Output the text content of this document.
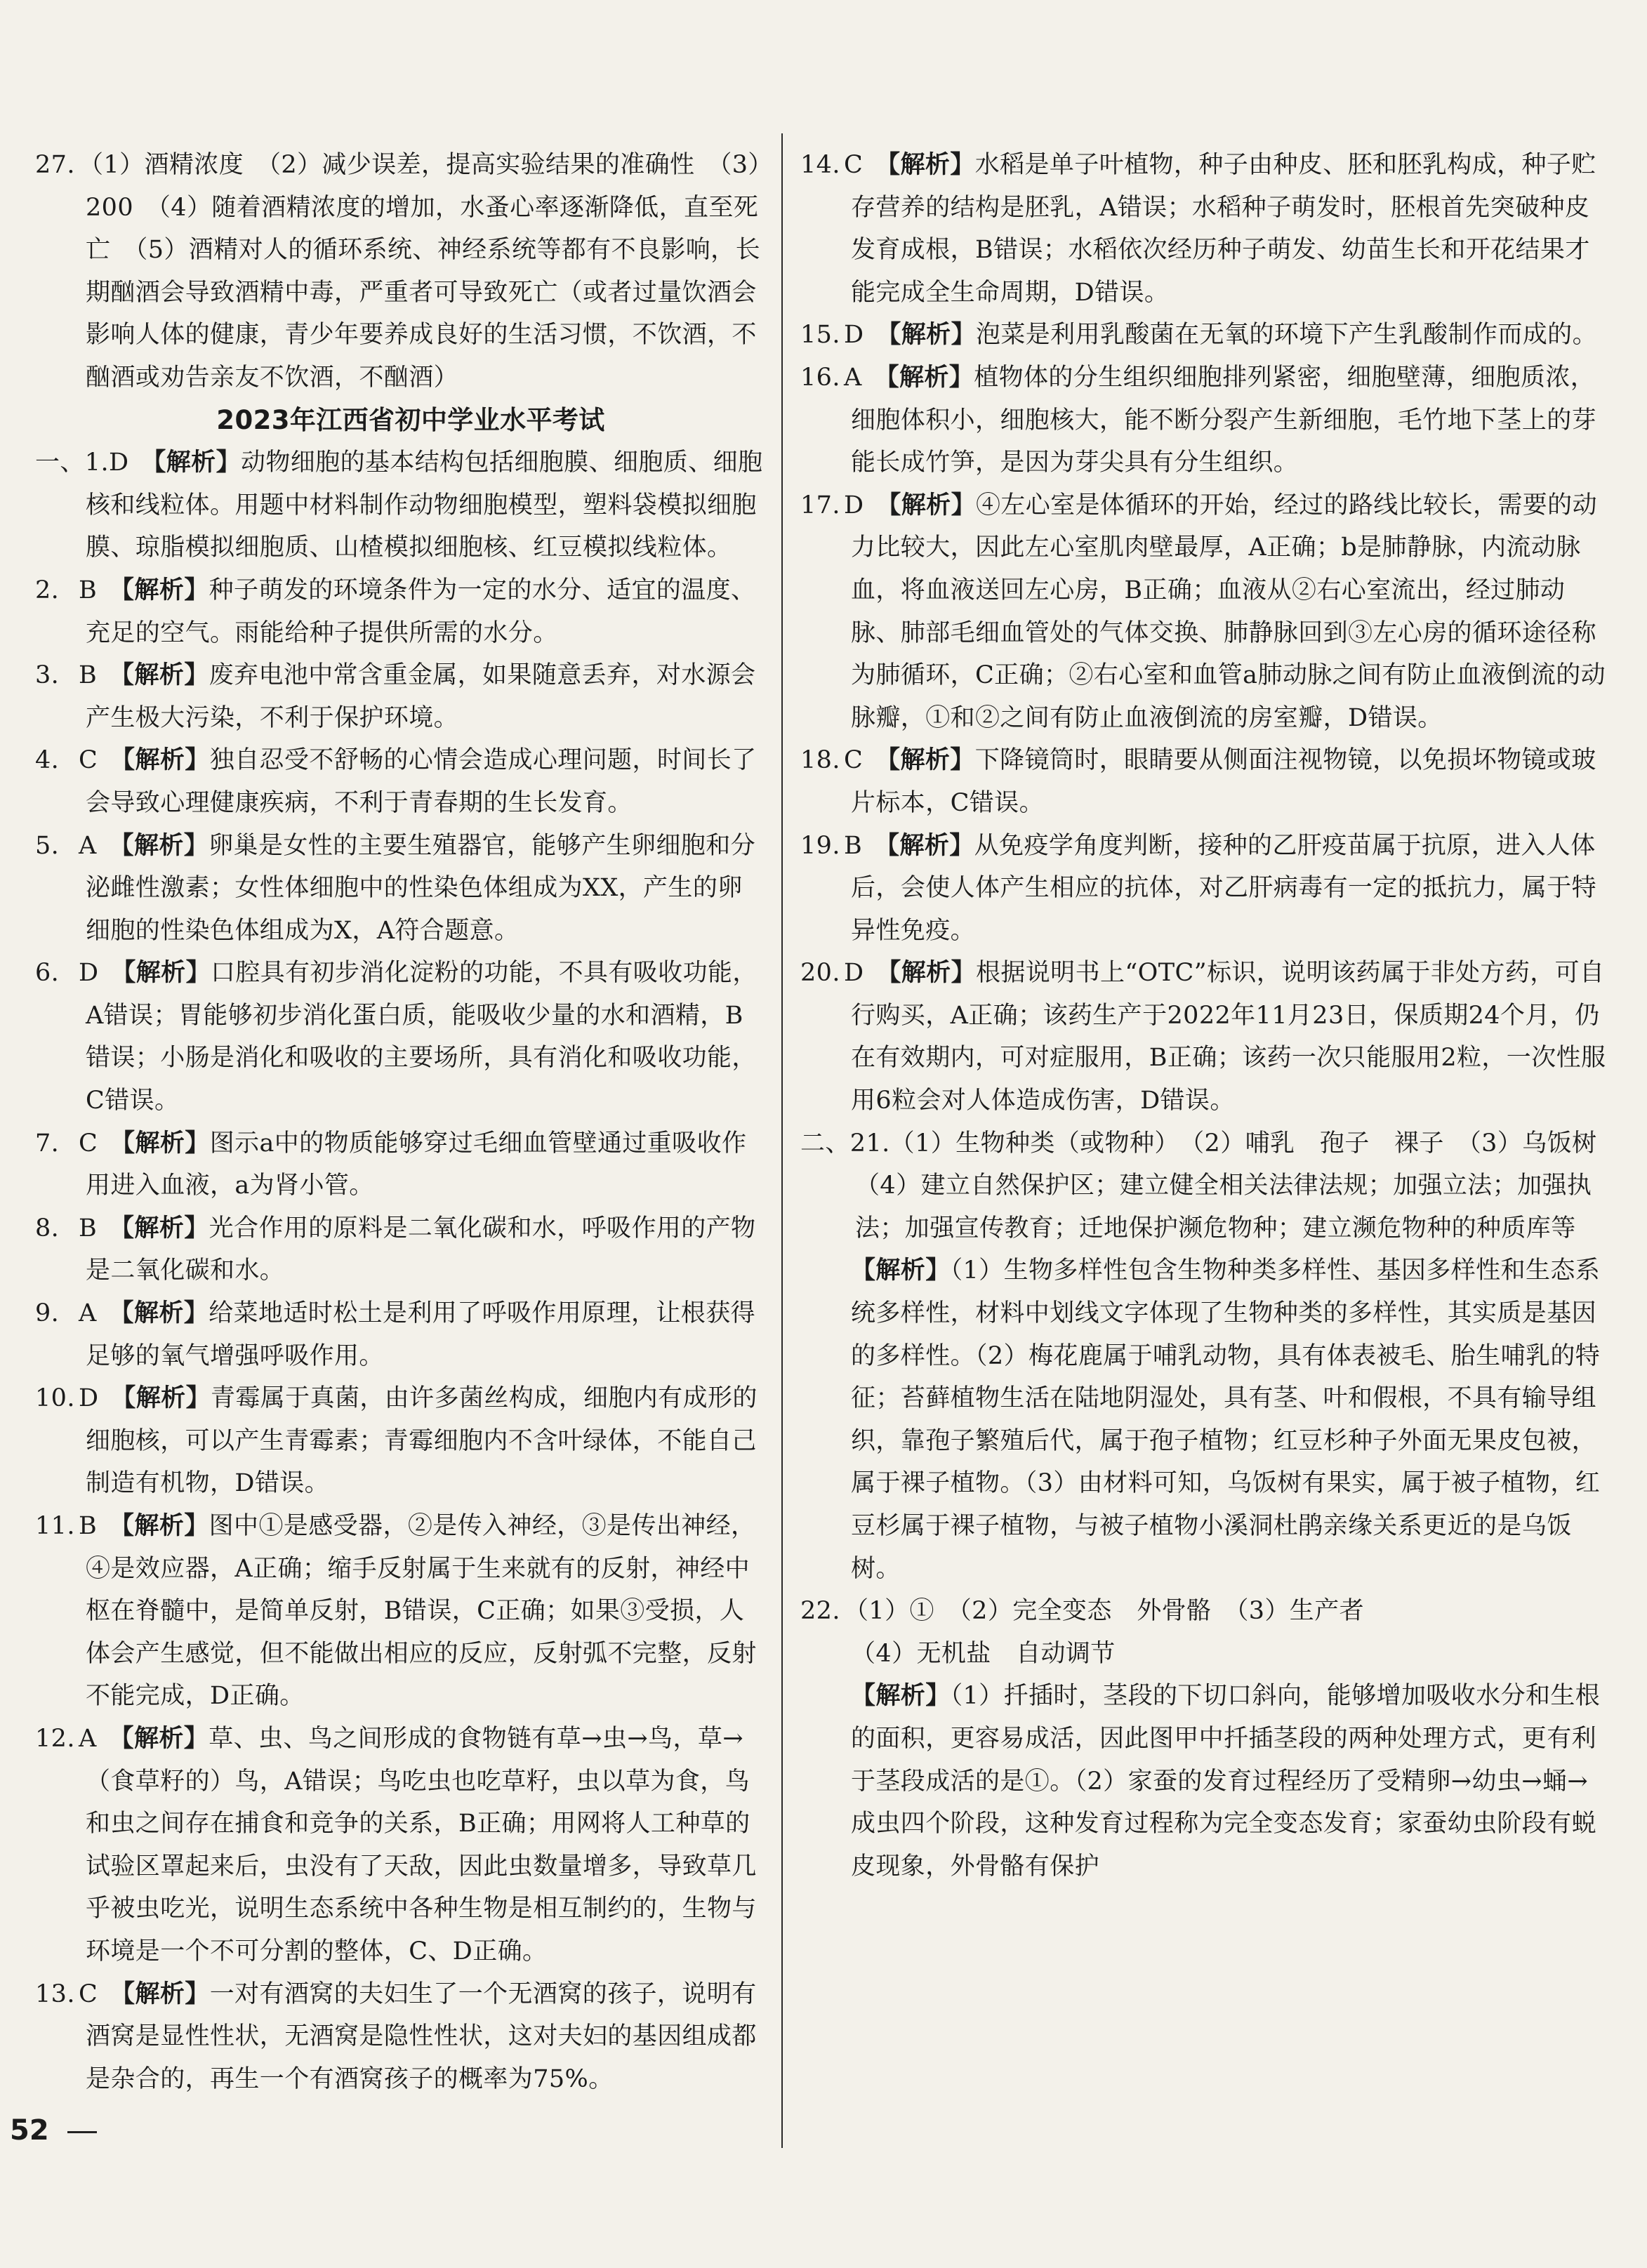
27. （1）酒精浓度　（2）减少误差，提高实验结果的准确性　（3）200　（4）随着酒精浓度的增加，水蚤心率逐渐降低，直至死亡　（5）酒精对人的循环系统、神经系统等都有不良影响，长期酗酒会导致酒精中毒，严重者可导致死亡（或者过量饮酒会影响人体的健康，青少年要养成良好的生活习惯，不饮酒，不酗酒或劝告亲友不饮酒，不酗酒）

2023年江西省初中学业水平考试

一、1.D　 【解析】动物细胞的基本结构包括细胞膜、细胞质、细胞核和线粒体。用题中材料制作动物细胞模型，塑料袋模拟细胞膜、琼脂模拟细胞质、山楂模拟细胞核、红豆模拟线粒体。

2. B　 【解析】种子萌发的环境条件为一定的水分、适宜的温度、充足的空气。雨能给种子提供所需的水分。

3. B　 【解析】废弃电池中常含重金属，如果随意丢弃，对水源会产生极大污染，不利于保护环境。

4. C　 【解析】独自忍受不舒畅的心情会造成心理问题，时间长了会导致心理健康疾病，不利于青春期的生长发育。

5. A　 【解析】卵巢是女性的主要生殖器官，能够产生卵细胞和分泌雌性激素；女性体细胞中的性染色体组成为XX，产生的卵细胞的性染色体组成为X，A符合题意。

6. D　 【解析】口腔具有初步消化淀粉的功能，不具有吸收功能，A错误；胃能够初步消化蛋白质，能吸收少量的水和酒精，B错误；小肠是消化和吸收的主要场所，具有消化和吸收功能，C错误。

7. C　 【解析】图示a中的物质能够穿过毛细血管壁通过重吸收作用进入血液，a为肾小管。

8. B　 【解析】光合作用的原料是二氧化碳和水，呼吸作用的产物是二氧化碳和水。

9. A　 【解析】给菜地适时松土是利用了呼吸作用原理，让根获得足够的氧气增强呼吸作用。

10. D　 【解析】青霉属于真菌，由许多菌丝构成，细胞内有成形的细胞核，可以产生青霉素；青霉细胞内不含叶绿体，不能自己制造有机物，D错误。

11. B　 【解析】图中①是感受器，②是传入神经，③是传出神经，④是效应器，A正确；缩手反射属于生来就有的反射，神经中枢在脊髓中，是简单反射，B错误，C正确；如果③受损，人体会产生感觉，但不能做出相应的反应，反射弧不完整，反射不能完成，D正确。

12. A　 【解析】草、虫、鸟之间形成的食物链有草→虫→鸟，草→（食草籽的）鸟，A错误；鸟吃虫也吃草籽，虫以草为食，鸟和虫之间存在捕食和竞争的关系，B正确；用网将人工种草的试验区罩起来后，虫没有了天敌，因此虫数量增多，导致草几乎被虫吃光，说明生态系统中各种生物是相互制约的，生物与环境是一个不可分割的整体，C、D正确。

13. C　 【解析】一对有酒窝的夫妇生了一个无酒窝的孩子，说明有酒窝是显性性状，无酒窝是隐性性状，这对夫妇的基因组成都是杂合的，再生一个有酒窝孩子的概率为75%。

14. C　 【解析】水稻是单子叶植物，种子由种皮、胚和胚乳构成，种子贮存营养的结构是胚乳，A错误；水稻种子萌发时，胚根首先突破种皮发育成根，B错误；水稻依次经历种子萌发、幼苗生长和开花结果才能完成全生命周期，D错误。

15. D　 【解析】泡菜是利用乳酸菌在无氧的环境下产生乳酸制作而成的。

16. A　 【解析】植物体的分生组织细胞排列紧密，细胞壁薄，细胞质浓，细胞体积小，细胞核大，能不断分裂产生新细胞，毛竹地下茎上的芽能长成竹笋，是因为芽尖具有分生组织。

17. D　 【解析】④左心室是体循环的开始，经过的路线比较长，需要的动力比较大，因此左心室肌肉壁最厚，A正确；b是肺静脉，内流动脉血，将血液送回左心房，B正确；血液从②右心室流出，经过肺动脉、肺部毛细血管处的气体交换、肺静脉回到③左心房的循环途径称为肺循环，C正确；②右心室和血管a肺动脉之间有防止血液倒流的动脉瓣，①和②之间有防止血液倒流的房室瓣，D错误。

18. C　 【解析】下降镜筒时，眼睛要从侧面注视物镜，以免损坏物镜或玻片标本，C错误。

19. B　 【解析】从免疫学角度判断，接种的乙肝疫苗属于抗原，进入人体后，会使人体产生相应的抗体，对乙肝病毒有一定的抵抗力，属于特异性免疫。

20. D　 【解析】根据说明书上“OTC”标识，说明该药属于非处方药，可自行购买，A正确；该药生产于2022年11月23日，保质期24个月，仍在有效期内，可对症服用，B正确；该药一次只能服用2粒，一次性服用6粒会对人体造成伤害，D错误。

二、21.（1）生物种类（或物种）　（2）哺乳　孢子　裸子　（3）乌饭树　（4）建立自然保护区；建立健全相关法律法规；加强立法；加强执法；加强宣传教育；迁地保护濒危物种；建立濒危物种的种质库等

【解析】（1）生物多样性包含生物种类多样性、基因多样性和生态系统多样性，材料中划线文字体现了生物种类的多样性，其实质是基因的多样性。（2）梅花鹿属于哺乳动物，具有体表被毛、胎生哺乳的特征；苔藓植物生活在陆地阴湿处，具有茎、叶和假根，不具有输导组织，靠孢子繁殖后代，属于孢子植物；红豆杉种子外面无果皮包被，属于裸子植物。（3）由材料可知，乌饭树有果实，属于被子植物，红豆杉属于裸子植物，与被子植物小溪洞杜鹃亲缘关系更近的是乌饭树。

22. （1）①　（2）完全变态　外骨骼　（3）生产者

（4）无机盐　自动调节

【解析】（1）扦插时，茎段的下切口斜向，能够增加吸收水分和生根的面积，更容易成活，因此图甲中扦插茎段的两种处理方式，更有利于茎段成活的是①。（2）家蚕的发育过程经历了受精卵→幼虫→蛹→成虫四个阶段，这种发育过程称为完全变态发育；家蚕幼虫阶段有蜕皮现象，外骨骼有保护

52
